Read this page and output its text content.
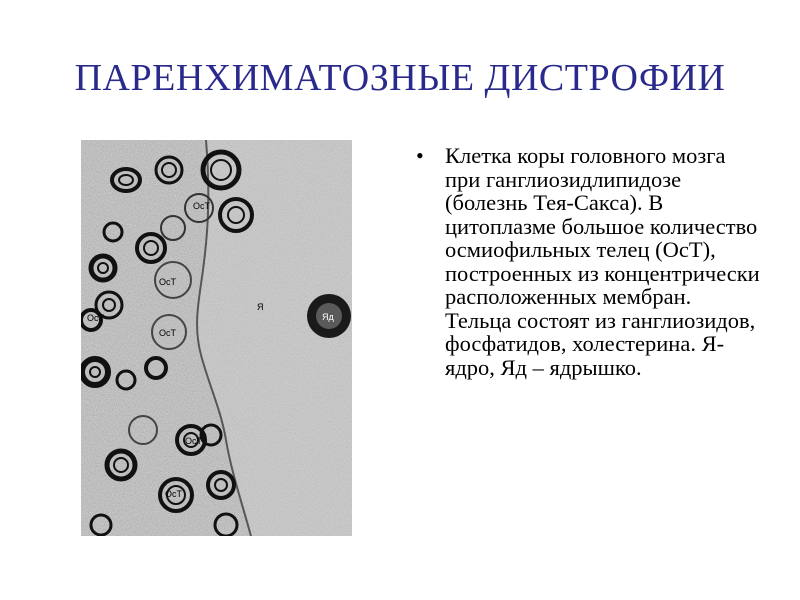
ПАРЕНХИМАТОЗНЫЕ ДИСТРОФИИ
ОсТ
ОсТ
ОсТ
ОсТ
ОсТ
ОсТ
Я
Яд
• Клетка коры головного мозга при ганглиозидлипидозе (болезнь Тея-Сакса). В цитоплазме большое количество осмиофильных телец (ОсТ), построенных из концентрически расположенных мембран. Тельца состоят из ганглиозидов, фосфатидов, холестерина. Я- ядро, Яд – ядрышко.
